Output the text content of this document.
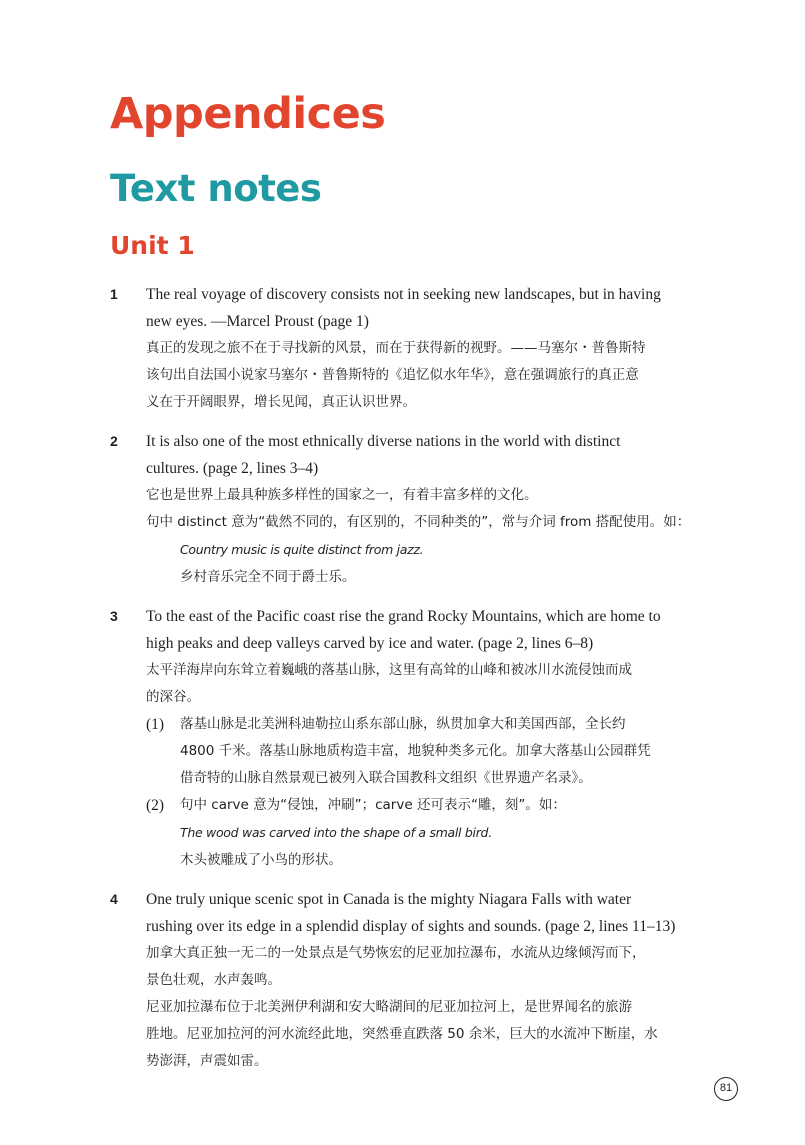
Appendices
Text notes
Unit 1
1 The real voyage of discovery consists not in seeking new landscapes, but in having
new eyes. —Marcel Proust (page 1)
真正的发现之旅不在于寻找新的风景，而在于获得新的视野。——马塞尔・普鲁斯特
该句出自法国小说家马塞尔・普鲁斯特的《追忆似水年华》，意在强调旅行的真正意
义在于开阔眼界，增长见闻，真正认识世界。
2 It is also one of the most ethnically diverse nations in the world with distinct
cultures. (page 2, lines 3–4)
它也是世界上最具种族多样性的国家之一，有着丰富多样的文化。
句中 distinct 意为“截然不同的，有区别的，不同种类的”，常与介词 from 搭配使用。如：
Country music is quite distinct from jazz.
乡村音乐完全不同于爵士乐。
3 To the east of the Pacific coast rise the grand Rocky Mountains, which are home to
high peaks and deep valleys carved by ice and water. (page 2, lines 6–8)
太平洋海岸向东耸立着巍峨的落基山脉，这里有高耸的山峰和被冰川水流侵蚀而成
的深谷。
(1) 落基山脉是北美洲科迪勒拉山系东部山脉，纵贯加拿大和美国西部，全长约
4800 千米。落基山脉地质构造丰富，地貌种类多元化。加拿大落基山公园群凭
借奇特的山脉自然景观已被列入联合国教科文组织《世界遗产名录》。
(2) 句中 carve 意为“侵蚀，冲刷”；carve 还可表示“雕，刻”。如：
The wood was carved into the shape of a small bird.
木头被雕成了小鸟的形状。
4 One truly unique scenic spot in Canada is the mighty Niagara Falls with water
rushing over its edge in a splendid display of sights and sounds. (page 2, lines 11–13)
加拿大真正独一无二的一处景点是气势恢宏的尼亚加拉瀑布，水流从边缘倾泻而下，
景色壮观，水声轰鸣。
尼亚加拉瀑布位于北美洲伊利湖和安大略湖间的尼亚加拉河上，是世界闻名的旅游
胜地。尼亚加拉河的河水流经此地，突然垂直跌落 50 余米，巨大的水流冲下断崖，水
势澎湃，声震如雷。
81
